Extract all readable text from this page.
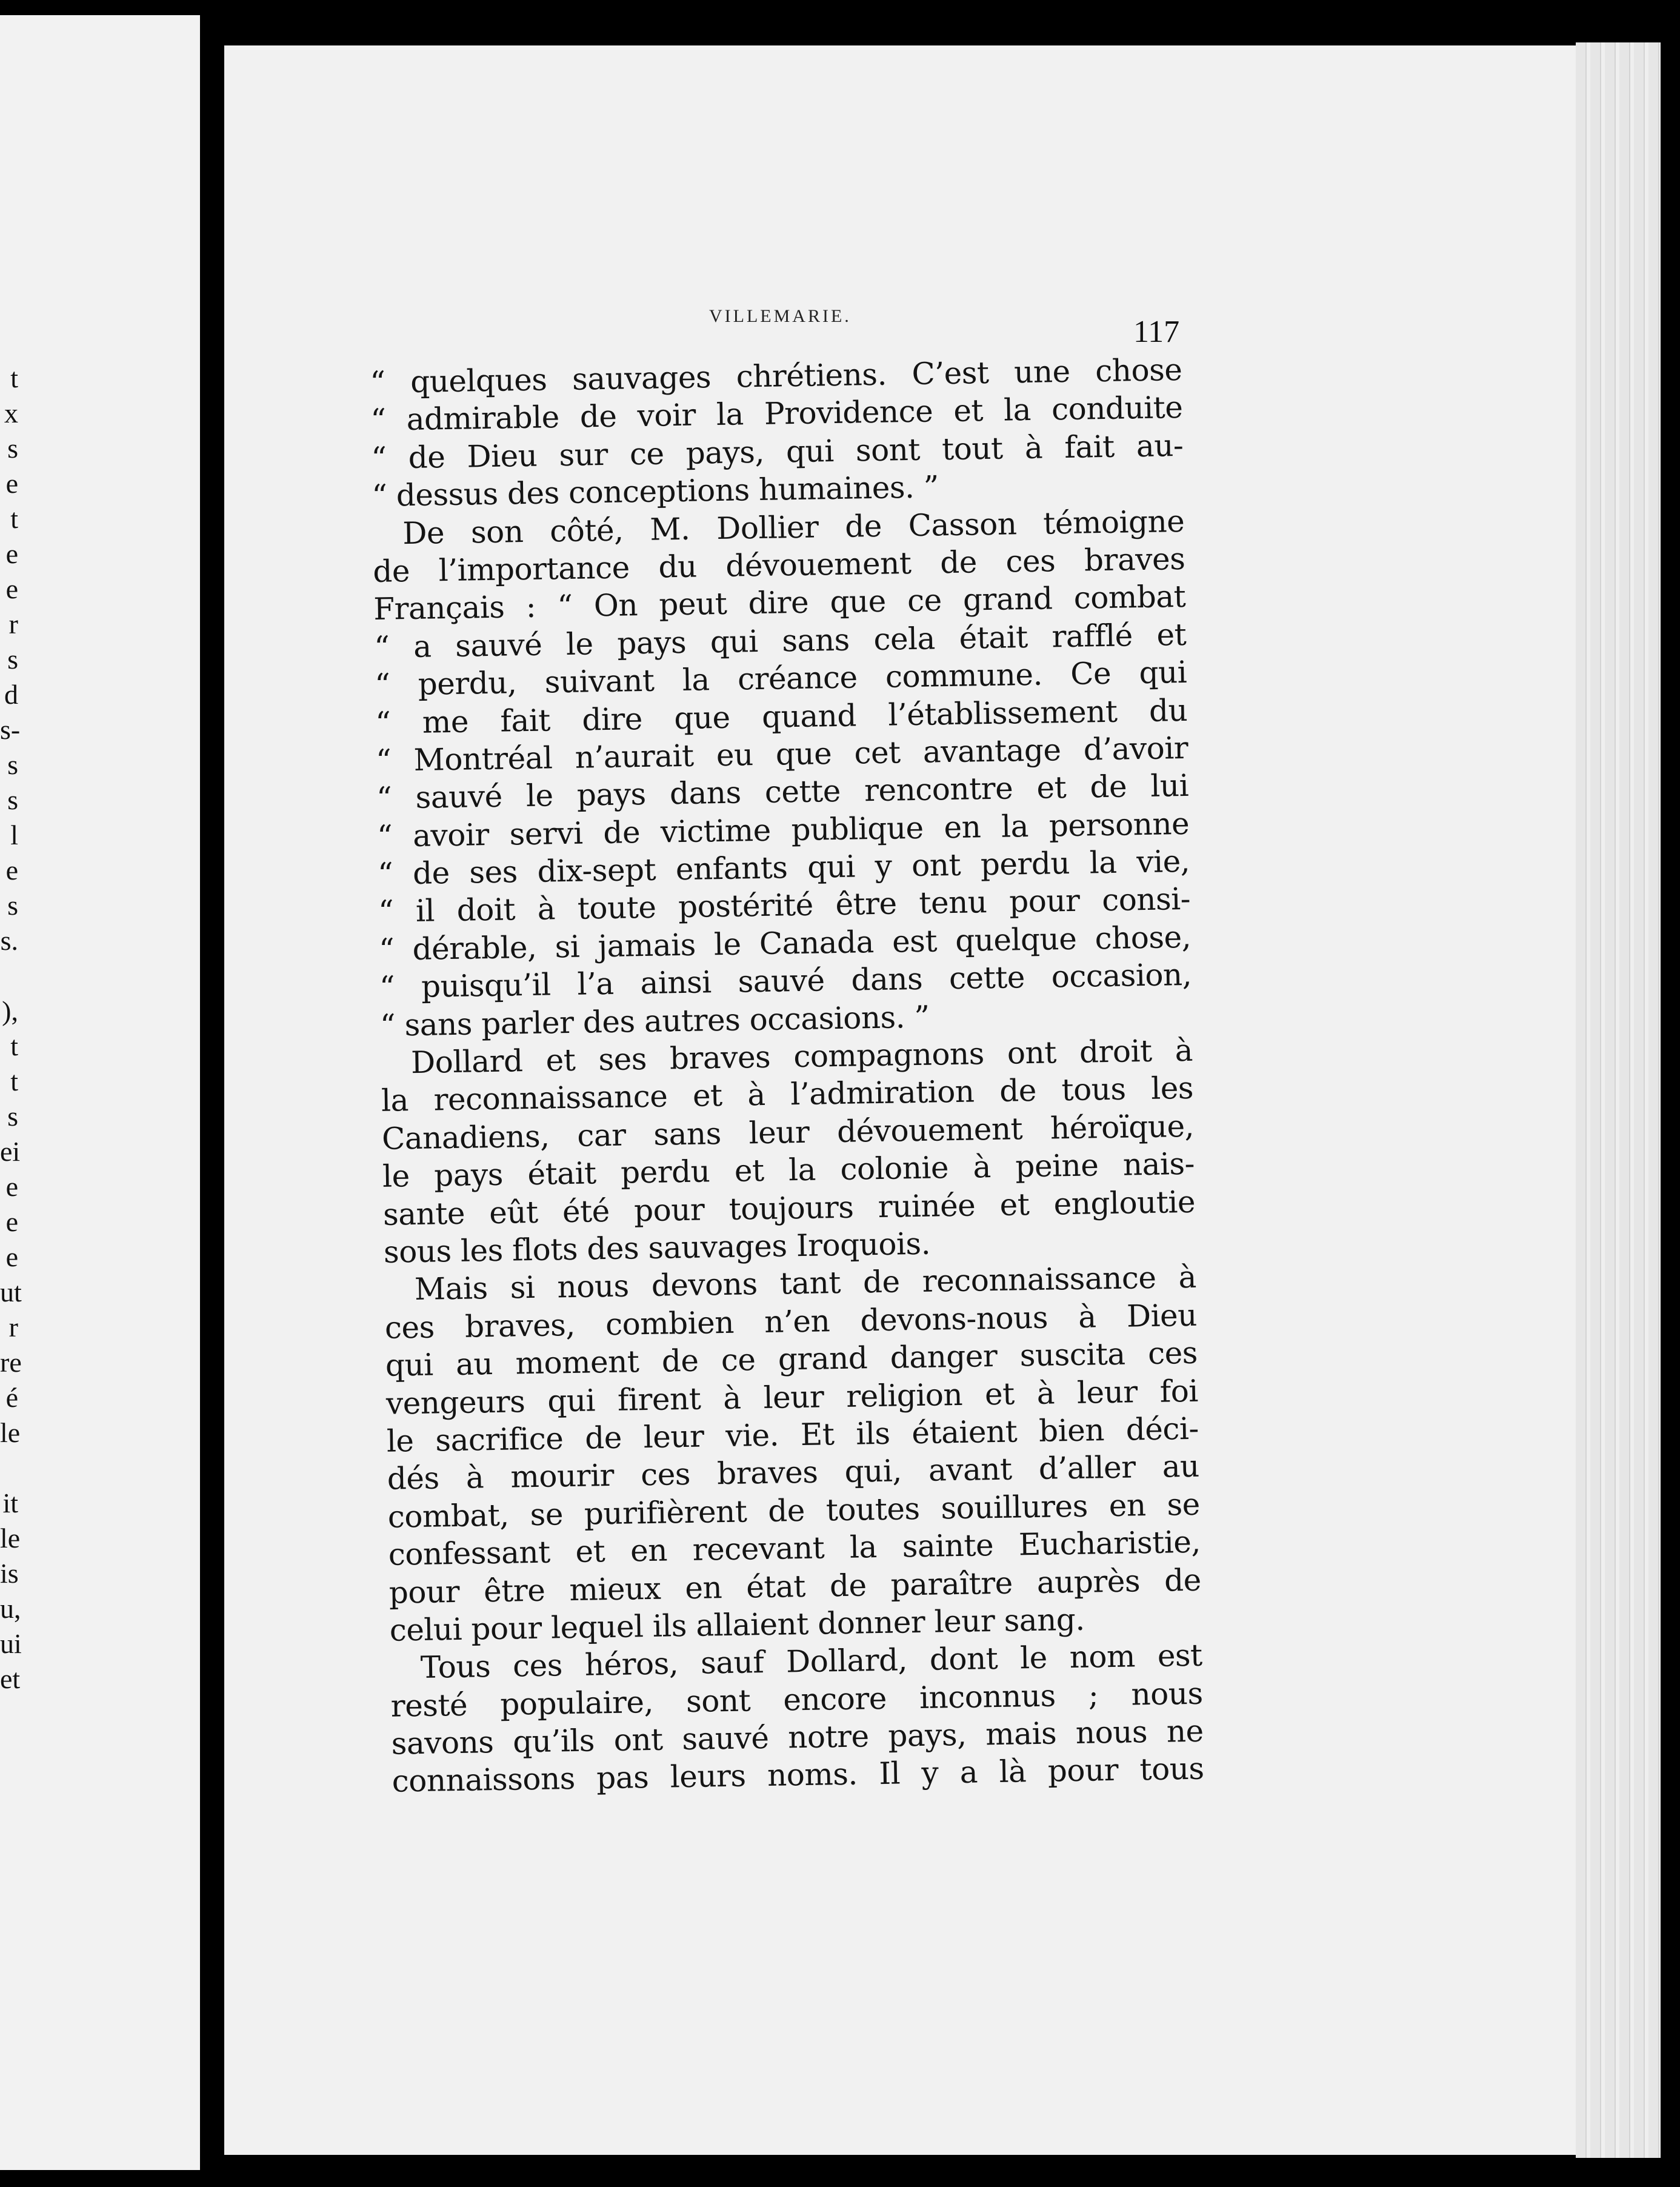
t
x
s
e
t
e
e
r
s
d
s-
s
s
l
e
s
s.
),
t
t
s
ei
e
e
e
ut
r
re
é
le
it
le
is
u,
ui
et
VILLEMARIE.	117
“ quelques sauvages chrétiens. C’est une chose
“ admirable de voir la Providence et la conduite
“ de Dieu sur ce pays, qui sont tout à fait au-
“ dessus des conceptions humaines. ”
De son côté, M. Dollier de Casson témoigne
de l’importance du dévouement de ces braves
Français : “ On peut dire que ce grand combat
“ a sauvé le pays qui sans cela était rafflé et
“ perdu, suivant la créance commune. Ce qui
“ me fait dire que quand l’établissement du
“ Montréal n’aurait eu que cet avantage d’avoir
“ sauvé le pays dans cette rencontre et de lui
“ avoir servi de victime publique en la personne
“ de ses dix-sept enfants qui y ont perdu la vie,
“ il doit à toute postérité être tenu pour consi-
“ dérable, si jamais le Canada est quelque chose,
“ puisqu’il l’a ainsi sauvé dans cette occasion,
“ sans parler des autres occasions. ”
Dollard et ses braves compagnons ont droit à
la reconnaissance et à l’admiration de tous les
Canadiens, car sans leur dévouement héroïque,
le pays était perdu et la colonie à peine nais-
sante eût été pour toujours ruinée et engloutie
sous les flots des sauvages Iroquois.
Mais si nous devons tant de reconnaissance à
ces braves, combien n’en devons-nous à Dieu
qui au moment de ce grand danger suscita ces
vengeurs qui firent à leur religion et à leur foi
le sacrifice de leur vie. Et ils étaient bien déci-
dés à mourir ces braves qui, avant d’aller au
combat, se purifièrent de toutes souillures en se
confessant et en recevant la sainte Eucharistie,
pour être mieux en état de paraître auprès de
celui pour lequel ils allaient donner leur sang.
Tous ces héros, sauf Dollard, dont le nom est
resté populaire, sont encore inconnus ; nous
savons qu’ils ont sauvé notre pays, mais nous ne
connaissons pas leurs noms. Il y a là pour tous
